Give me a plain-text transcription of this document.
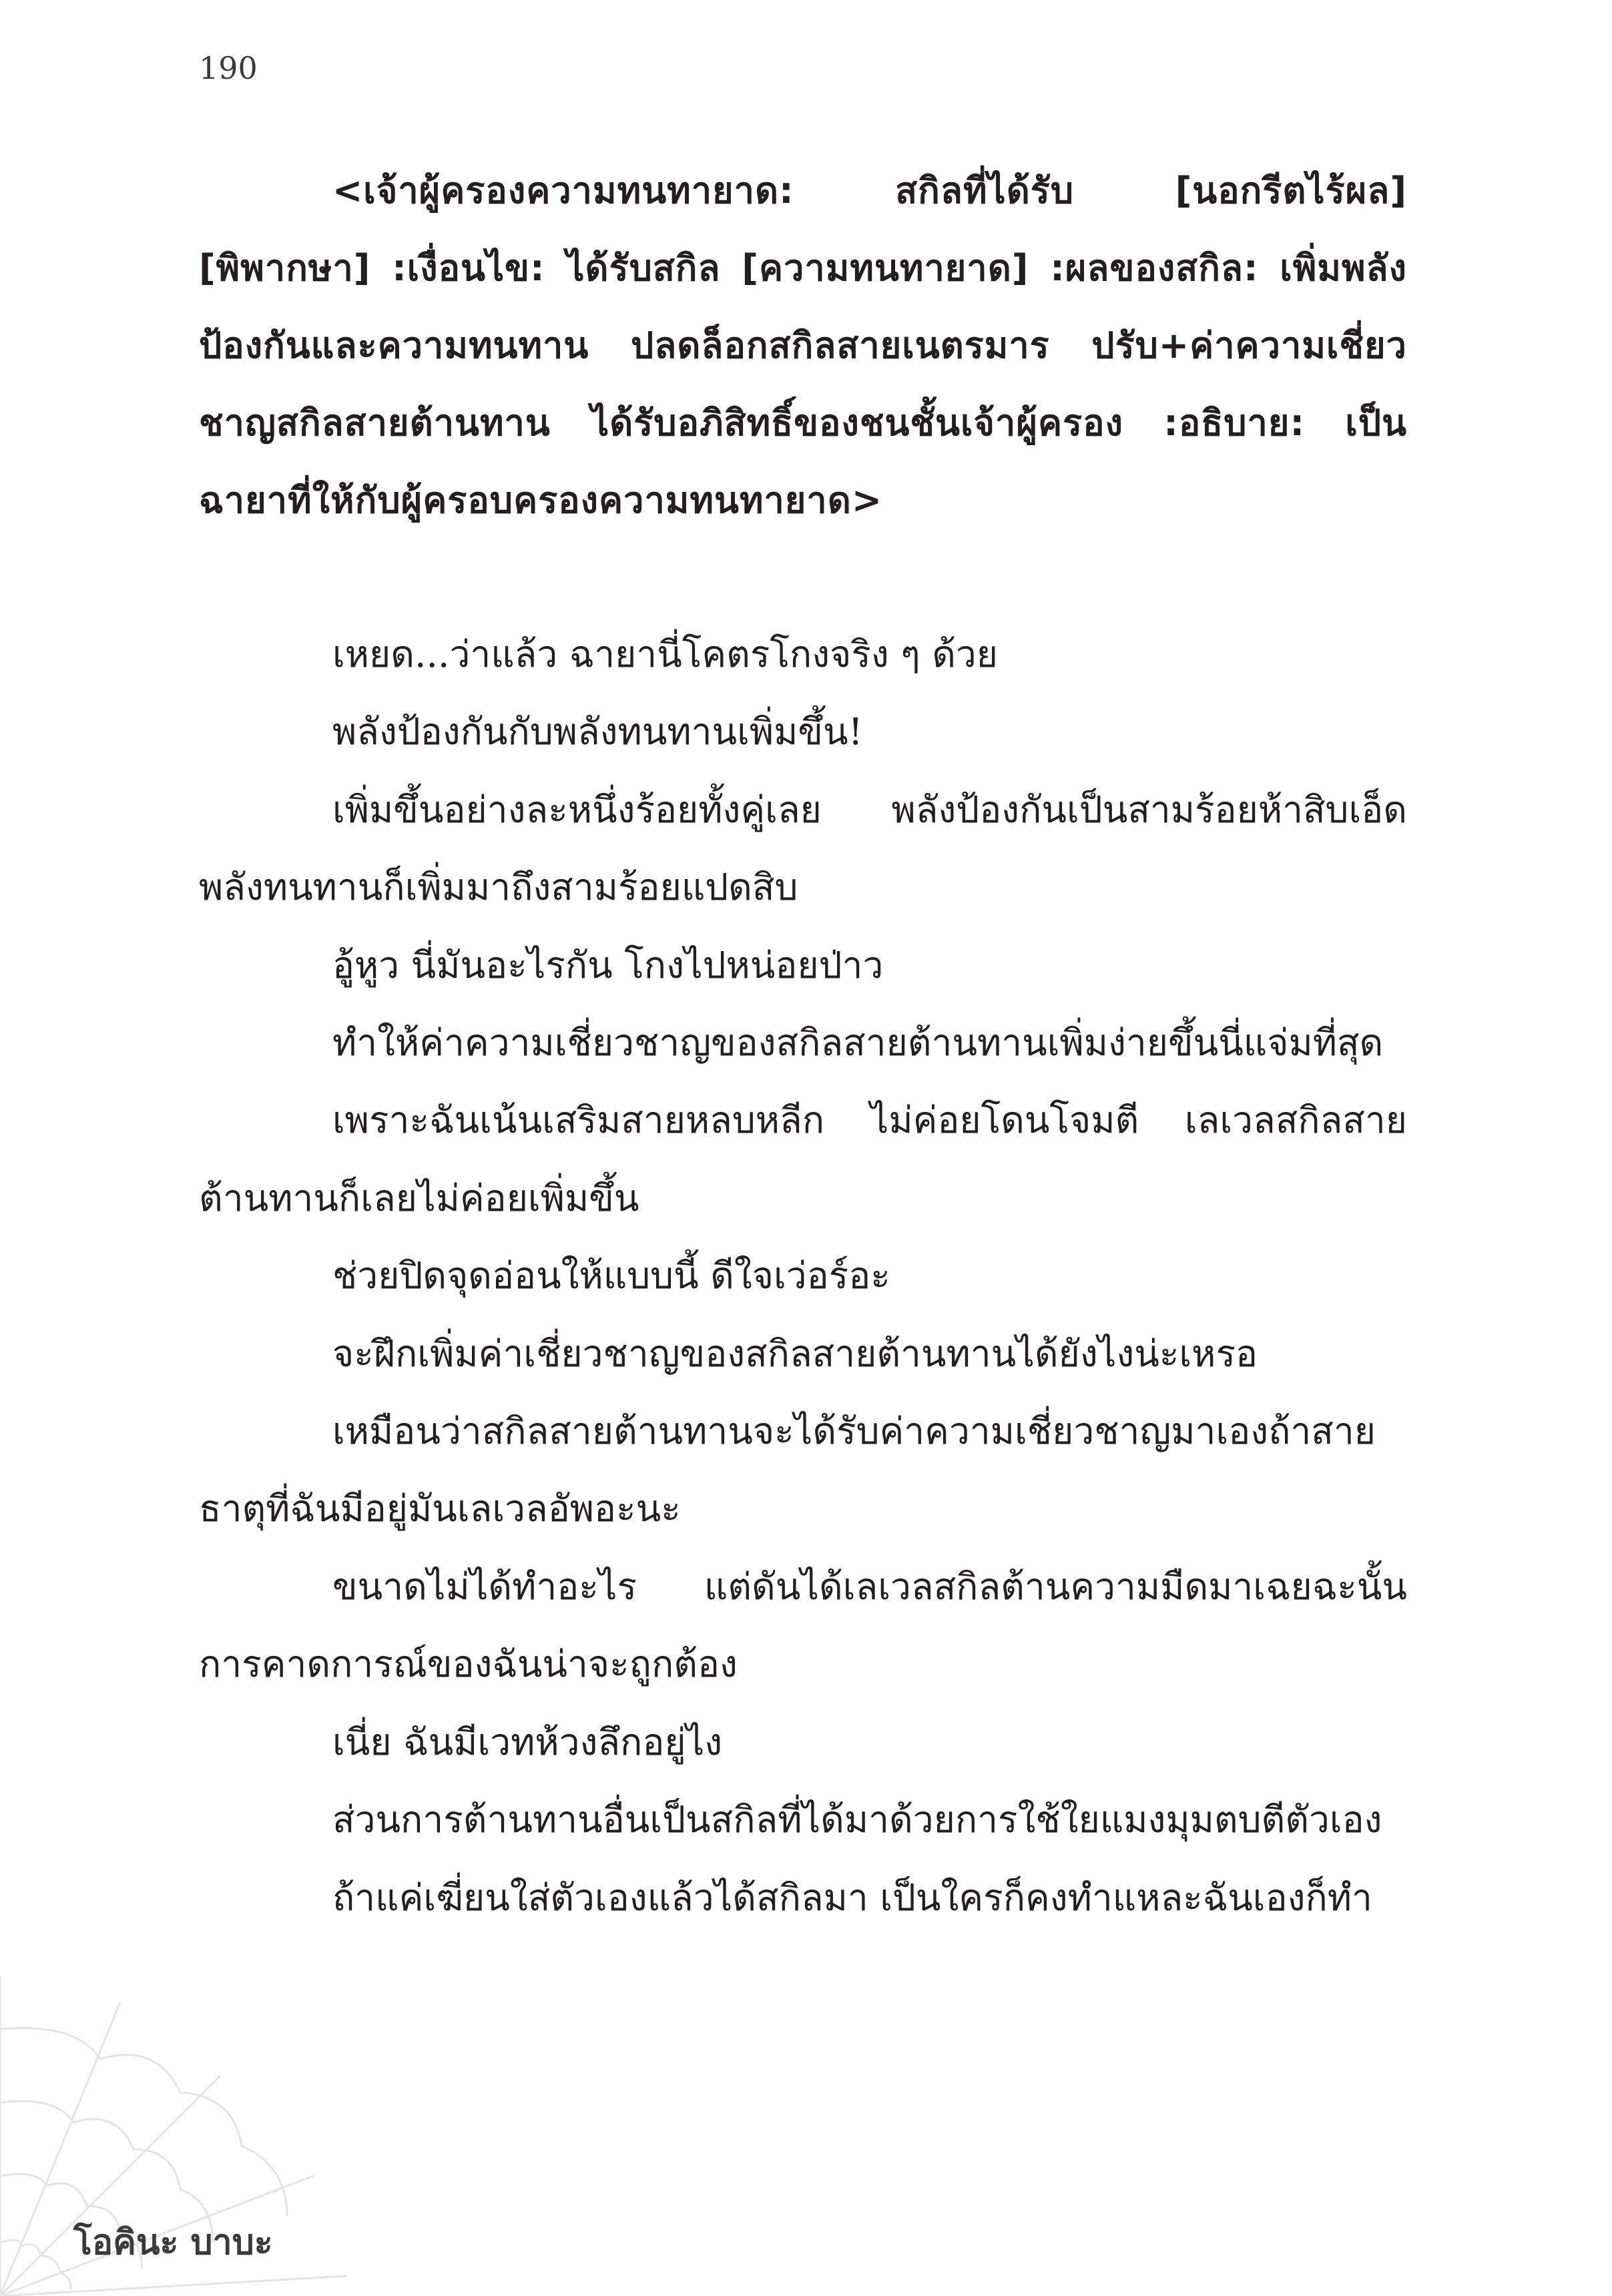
190
<เจ้าผู้ครองความทนทายาด: สกิลที่ได้รับ [นอกรีตไร้ผล] [พิพากษา] :เงื่อนไข: ได้รับสกิล [ความทนทายาด] :ผลของสกิล: เพิ่มพลังป้องกันและความทนทาน ปลดล็อกสกิลสายเนตรมาร ปรับ+ค่าความเชี่ยวชาญสกิลสายต้านทาน ได้รับอภิสิทธิ์ของชนชั้นเจ้าผู้ครอง :อธิบาย: เป็นฉายาที่ให้กับผู้ครอบครองความทนทายาด>

เหยด...ว่าแล้ว ฉายานี่โคตรโกงจริง ๆ ด้วย

พลังป้องกันกับพลังทนทานเพิ่มขึ้น!

เพิ่มขึ้นอย่างละหนึ่งร้อยทั้งคู่เลย พลังป้องกันเป็นสามร้อยห้าสิบเอ็ด พลังทนทานก็เพิ่มมาถึงสามร้อยแปดสิบ

อู้หูว นี่มันอะไรกัน โกงไปหน่อยป่าว

ทำให้ค่าความเชี่ยวชาญของสกิลสายต้านทานเพิ่มง่ายขึ้นนี่แจ่มที่สุด

เพราะฉันเน้นเสริมสายหลบหลีก ไม่ค่อยโดนโจมตี เลเวลสกิลสายต้านทานก็เลยไม่ค่อยเพิ่มขึ้น

ช่วยปิดจุดอ่อนให้แบบนี้ ดีใจเว่อร์อะ

จะฝึกเพิ่มค่าเชี่ยวชาญของสกิลสายต้านทานได้ยังไงน่ะเหรอ

เหมือนว่าสกิลสายต้านทานจะได้รับค่าความเชี่ยวชาญมาเองถ้าสายธาตุที่ฉันมีอยู่มันเลเวลอัพอะนะ

ขนาดไม่ได้ทำอะไร แต่ดันได้เลเวลสกิลต้านความมืดมาเฉยฉะนั้นการคาดการณ์ของฉันน่าจะถูกต้อง

เนี่ย ฉันมีเวทห้วงลึกอยู่ไง

ส่วนการต้านทานอื่นเป็นสกิลที่ได้มาด้วยการใช้ใยแมงมุมตบตีตัวเอง

ถ้าแค่เฆี่ยนใส่ตัวเองแล้วได้สกิลมา เป็นใครก็คงทำแหละฉันเองก็ทำ

โอคินะ บาบะ
